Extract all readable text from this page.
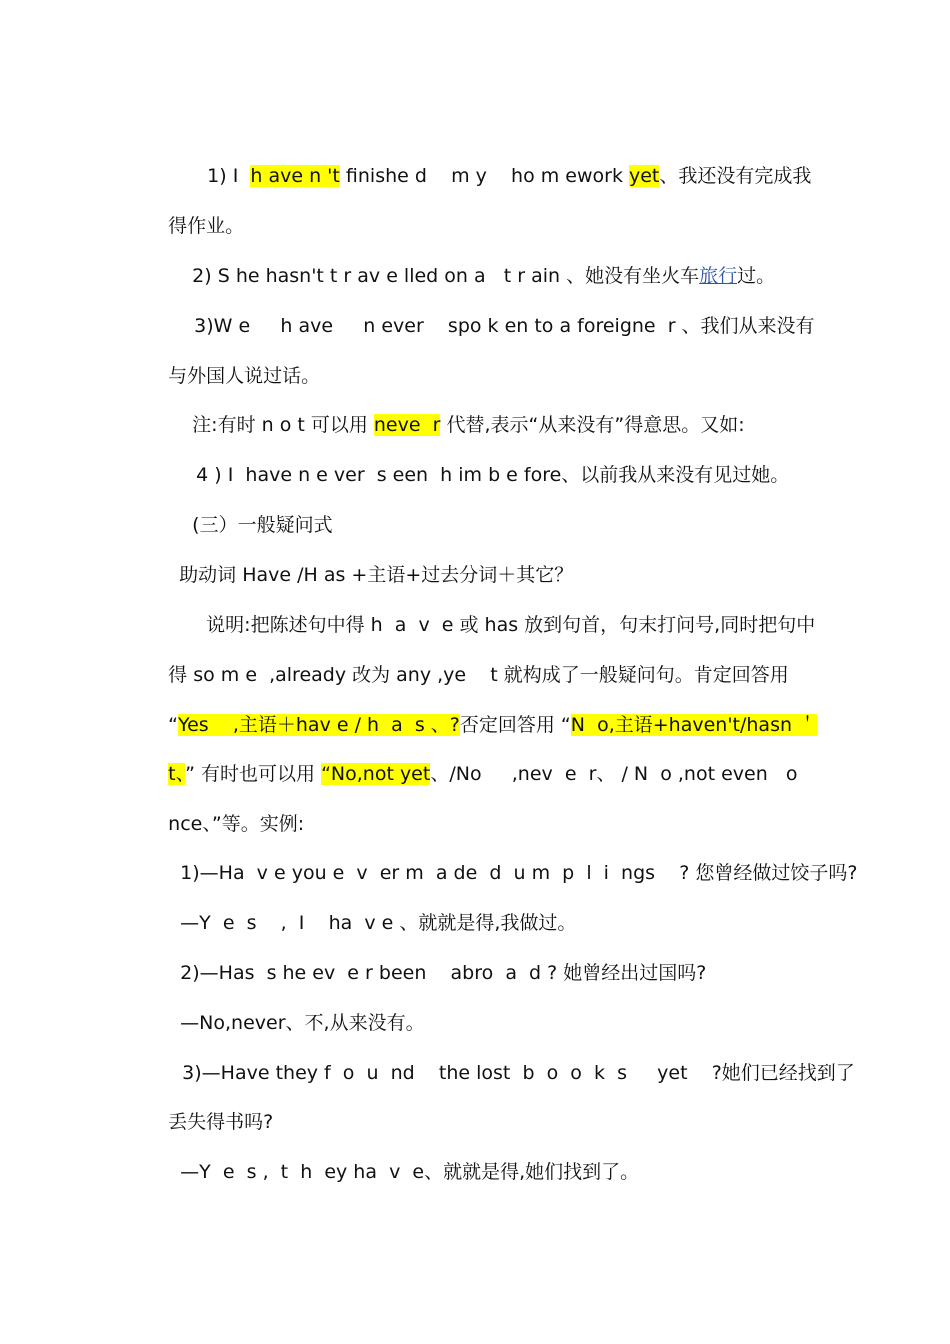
1) I  h ave n 't finishe d    m y    ho m ework yet、我还没有完成我

得作业。

2) S he hasn't t r av e lled on a   t r ain 、她没有坐火车旅行过。

3)W e     h ave     n ever    spo k en to a foreigne  r 、我们从来没有

与外国人说过话。

注:有时 n o t 可以用 neve  r 代替,表示“从来没有”得意思。又如:

4 ) I  have n e ver  s een  h im b e fore、以前我从来没有见过她。

(三）一般疑问式

助动词 Have /H as +主语+过去分词＋其它？

说明:把陈述句中得 h  a  v  e 或 has 放到句首，句末打问号,同时把句中

得 so m e  ,already 改为 any ,ye    t 就构成了一般疑问句。肯定回答用

“Yes    ,主语＋hav e / h  a  s 、?否定回答用 “N  o,主语+haven't/hasn ＇

t、” 有时也可以用 “No,not yet、/No     ,nev  e  r、 / N  o ,not even   o

nce、”等。实例:

1)—Ha  v e you e  v  er m  a de  d  u m  p  l  i  ngs    ? 您曾经做过饺子吗?

—Y  e  s    ,  I    ha  v e 、就就是得,我做过。

2)—Has  s he ev  e r been    abro  a  d ? 她曾经出过国吗?

—No,never、不,从来没有。

3)—Have they f  o  u  nd    the lost  b  o  o  k  s     yet    ?她们已经找到了

丢失得书吗?

—Y  e  s ,  t  h  ey ha  v  e、就就是得,她们找到了。
